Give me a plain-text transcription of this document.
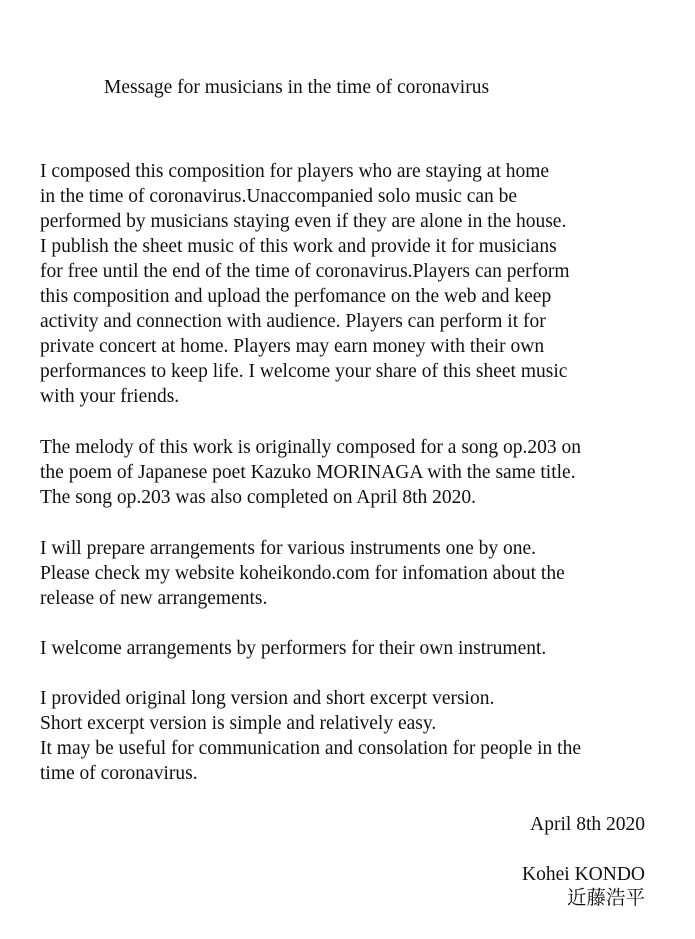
Message for musicians in the time of coronavirus
I composed this composition for players who are staying at home
in the time of coronavirus.Unaccompanied solo music can be
performed by musicians staying even if they are alone in the house.
I publish the sheet music of this work and provide it for musicians
for free until the end of the time of coronavirus.Players can perform
this composition and upload the perfomance on the web and keep
activity and connection with audience. Players can perform it for
private concert at home. Players may earn money with their own
performances to keep life. I welcome your share of this sheet music
with your friends.
The melody of this work is originally composed for a song op.203 on
the poem of Japanese poet Kazuko MORINAGA with the same title.
The song op.203 was also completed on April 8th 2020.
I will prepare arrangements for various instruments one by one.
Please check my website koheikondo.com for infomation about the
release of new arrangements.
I welcome arrangements by performers for their own instrument.
I provided original long version and short excerpt version.
Short excerpt version is simple and relatively easy.
It may be useful for communication and consolation for people in the
time of coronavirus.
April 8th 2020
Kohei KONDO
近藤浩平
